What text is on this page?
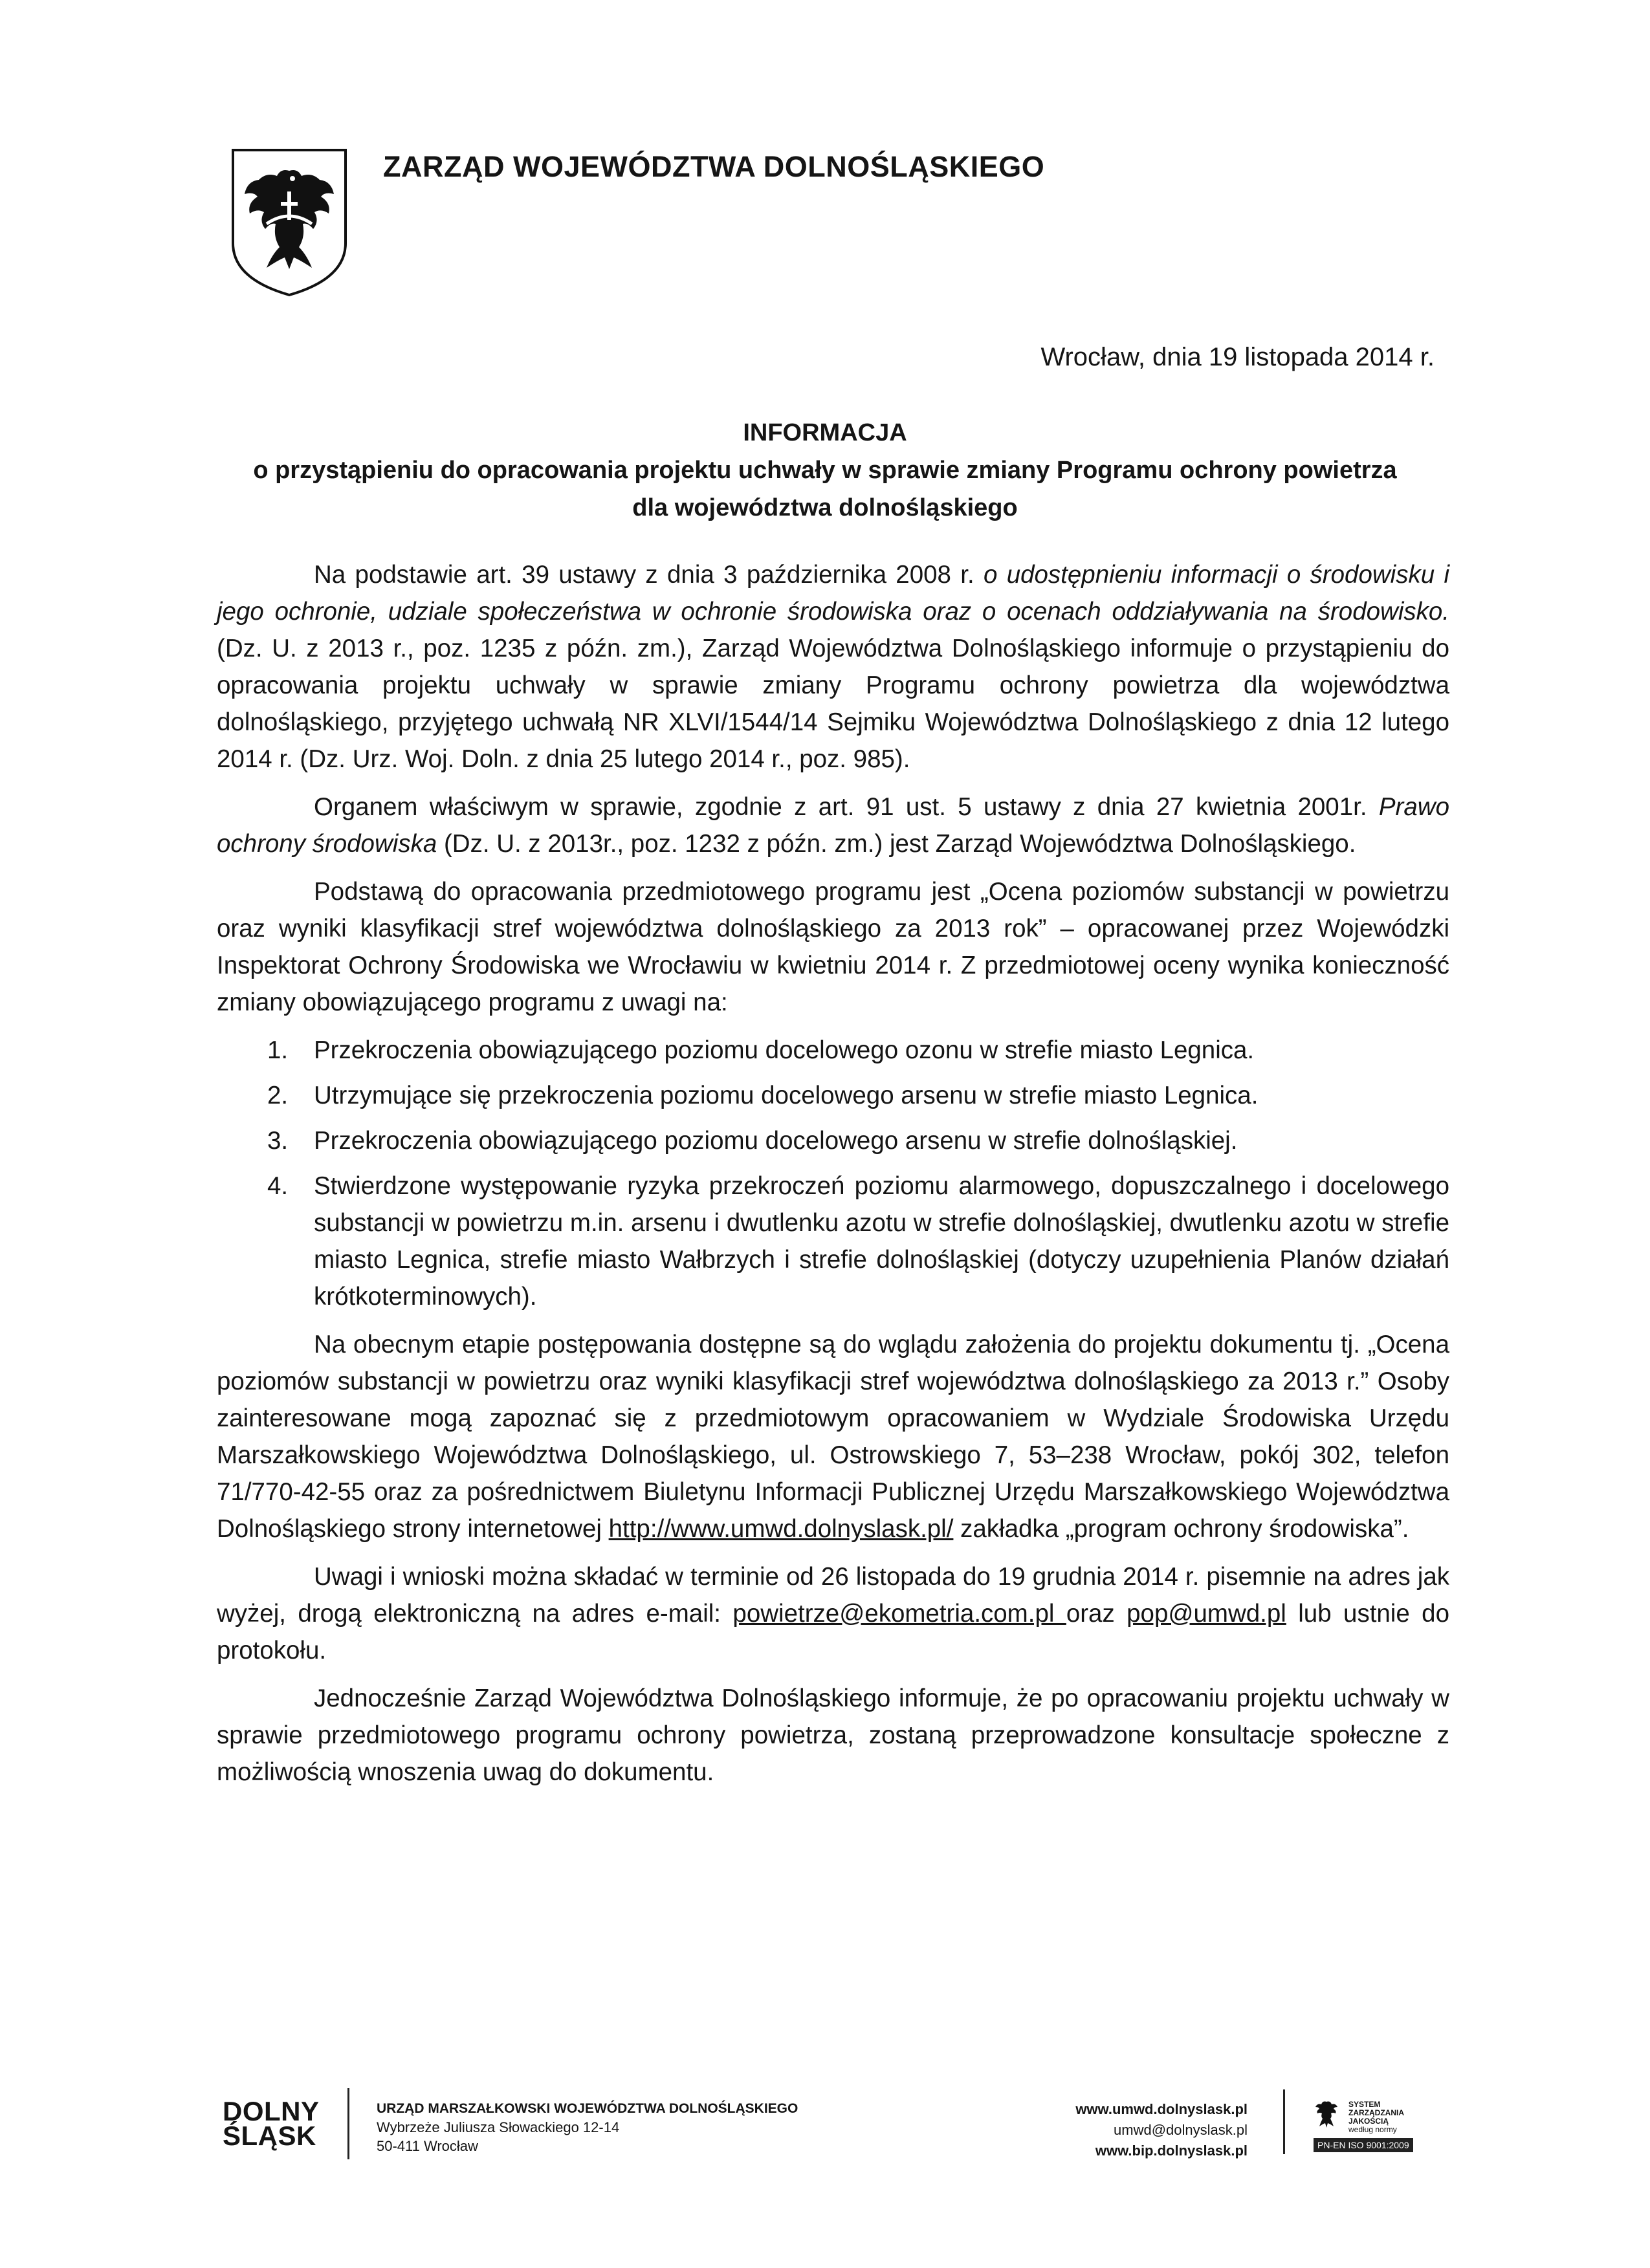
ZARZĄD WOJEWÓDZTWA DOLNOŚLĄSKIEGO
Wrocław, dnia 19 listopada 2014 r.
INFORMACJA
o przystąpieniu do opracowania projektu uchwały w sprawie zmiany Programu ochrony powietrza
dla województwa dolnośląskiego

Na podstawie art. 39 ustawy z dnia 3 października 2008 r. o udostępnieniu informacji o środowisku i jego ochronie, udziale społeczeństwa w ochronie środowiska oraz o ocenach oddziaływania na środowisko. (Dz. U. z 2013 r., poz. 1235 z późn. zm.), Zarząd Województwa Dolnośląskiego informuje o przystąpieniu do opracowania projektu uchwały w sprawie zmiany Programu ochrony powietrza dla województwa dolnośląskiego, przyjętego uchwałą NR XLVI/1544/14 Sejmiku Województwa Dolnośląskiego z dnia 12 lutego 2014 r. (Dz. Urz. Woj. Doln. z dnia 25 lutego 2014 r., poz. 985).

Organem właściwym w sprawie, zgodnie z art. 91 ust. 5 ustawy z dnia 27 kwietnia 2001r. Prawo ochrony środowiska (Dz. U. z 2013r., poz. 1232 z późn. zm.) jest Zarząd Województwa Dolnośląskiego.

Podstawą do opracowania przedmiotowego programu jest „Ocena poziomów substancji w powietrzu oraz wyniki klasyfikacji stref województwa dolnośląskiego za 2013 rok” – opracowanej przez Wojewódzki Inspektorat Ochrony Środowiska we Wrocławiu w kwietniu 2014 r. Z przedmiotowej oceny wynika konieczność zmiany obowiązującego programu z uwagi na:

1. Przekroczenia obowiązującego poziomu docelowego ozonu w strefie miasto Legnica.
2. Utrzymujące się przekroczenia poziomu docelowego arsenu w strefie miasto Legnica.
3. Przekroczenia obowiązującego poziomu docelowego arsenu w strefie dolnośląskiej.
4. Stwierdzone występowanie ryzyka przekroczeń poziomu alarmowego, dopuszczalnego i docelowego substancji w powietrzu m.in. arsenu i dwutlenku azotu w strefie dolnośląskiej, dwutlenku azotu w strefie miasto Legnica, strefie miasto Wałbrzych i strefie dolnośląskiej (dotyczy uzupełnienia Planów działań krótkoterminowych).

Na obecnym etapie postępowania dostępne są do wglądu założenia do projektu dokumentu tj. „Ocena poziomów substancji w powietrzu oraz wyniki klasyfikacji stref województwa dolnośląskiego za 2013 r.” Osoby zainteresowane mogą zapoznać się z przedmiotowym opracowaniem w Wydziale Środowiska Urzędu Marszałkowskiego Województwa Dolnośląskiego, ul. Ostrowskiego 7, 53–238 Wrocław, pokój 302, telefon 71/770-42-55 oraz za pośrednictwem Biuletynu Informacji Publicznej Urzędu Marszałkowskiego Województwa Dolnośląskiego strony internetowej http://www.umwd.dolnyslask.pl/ zakładka „program ochrony środowiska”.

Uwagi i wnioski można składać w terminie od 26 listopada do 19 grudnia 2014 r. pisemnie na adres jak wyżej, drogą elektroniczną na adres e-mail: powietrze@ekometria.com.pl oraz pop@umwd.pl lub ustnie do protokołu.

Jednocześnie Zarząd Województwa Dolnośląskiego informuje, że po opracowaniu projektu uchwały w sprawie przedmiotowego programu ochrony powietrza, zostaną przeprowadzone konsultacje społeczne z możliwością wnoszenia uwag do dokumentu.

DOLNY
ŚLĄSK
URZĄD MARSZAŁKOWSKI WOJEWÓDZTWA DOLNOŚLĄSKIEGO
Wybrzeże Juliusza Słowackiego 12-14
50-411 Wrocław
www.umwd.dolnyslask.pl
umwd@dolnyslask.pl
www.bip.dolnyslask.pl
SYSTEM
ZARZĄDZANIA
JAKOŚCIĄ
według normy
PN-EN ISO 9001:2009
